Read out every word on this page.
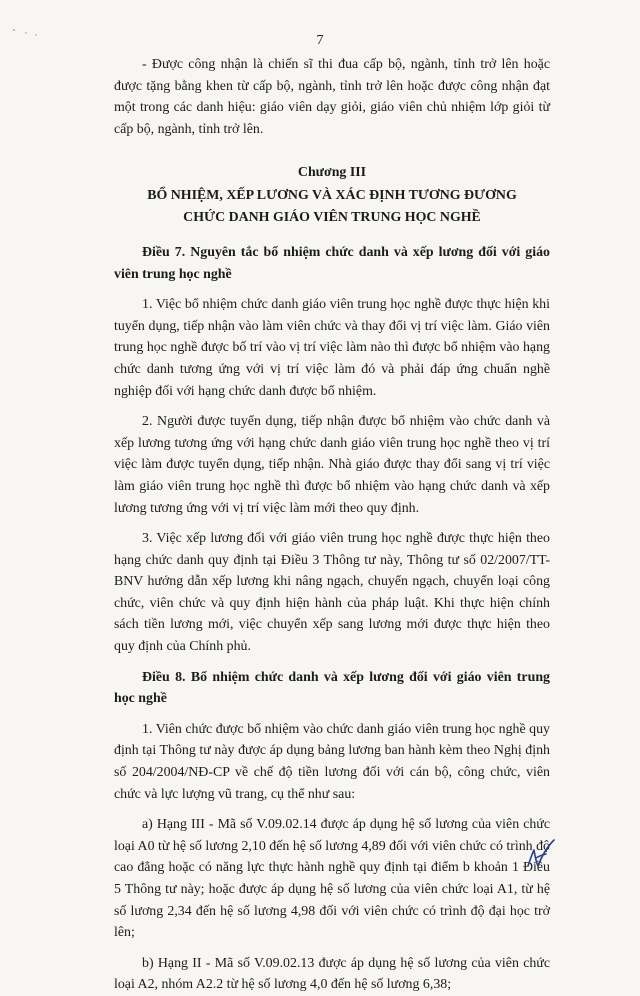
7

- Được công nhận là chiến sĩ thi đua cấp bộ, ngành, tỉnh trở lên hoặc được tặng bằng khen từ cấp bộ, ngành, tỉnh trở lên hoặc được công nhận đạt một trong các danh hiệu: giáo viên dạy giỏi, giáo viên chủ nhiệm lớp giỏi từ cấp bộ, ngành, tỉnh trở lên.

Chương III

BỔ NHIỆM, XẾP LƯƠNG VÀ XÁC ĐỊNH TƯƠNG ĐƯƠNG

CHỨC DANH GIÁO VIÊN TRUNG HỌC NGHỀ

Điều 7. Nguyên tắc bổ nhiệm chức danh và xếp lương đối với giáo viên trung học nghề

1. Việc bổ nhiệm chức danh giáo viên trung học nghề được thực hiện khi tuyển dụng, tiếp nhận vào làm viên chức và thay đổi vị trí việc làm. Giáo viên trung học nghề được bố trí vào vị trí việc làm nào thì được bổ nhiệm vào hạng chức danh tương ứng với vị trí việc làm đó và phải đáp ứng chuẩn nghề nghiệp đối với hạng chức danh được bổ nhiệm.

2. Người được tuyển dụng, tiếp nhận được bổ nhiệm vào chức danh và xếp lương tương ứng với hạng chức danh giáo viên trung học nghề theo vị trí việc làm được tuyển dụng, tiếp nhận. Nhà giáo được thay đổi sang vị trí việc làm giáo viên trung học nghề thì được bổ nhiệm vào hạng chức danh và xếp lương tương ứng với vị trí việc làm mới theo quy định.

3. Việc xếp lương đối với giáo viên trung học nghề được thực hiện theo hạng chức danh quy định tại Điều 3 Thông tư này, Thông tư số 02/2007/TT-BNV hướng dẫn xếp lương khi nâng ngạch, chuyển ngạch, chuyển loại công chức, viên chức và quy định hiện hành của pháp luật. Khi thực hiện chính sách tiền lương mới, việc chuyển xếp sang lương mới được thực hiện theo quy định của Chính phủ.

Điều 8. Bổ nhiệm chức danh và xếp lương đối với giáo viên trung học nghề

1. Viên chức được bổ nhiệm vào chức danh giáo viên trung học nghề quy định tại Thông tư này được áp dụng bảng lương ban hành kèm theo Nghị định số 204/2004/NĐ-CP về chế độ tiền lương đối với cán bộ, công chức, viên chức và lực lượng vũ trang, cụ thể như sau:

a) Hạng III - Mã số V.09.02.14 được áp dụng hệ số lương của viên chức loại A0 từ hệ số lương 2,10 đến hệ số lương 4,89 đối với viên chức có trình độ cao đẳng hoặc có năng lực thực hành nghề quy định tại điểm b khoản 1 Điều 5 Thông tư này; hoặc được áp dụng hệ số lương của viên chức loại A1, từ hệ số lương 2,34 đến hệ số lương 4,98 đối với viên chức có trình độ đại học trở lên;

b) Hạng II - Mã số V.09.02.13 được áp dụng hệ số lương của viên chức loại A2, nhóm A2.2 từ hệ số lương 4,0 đến hệ số lương 6,38;
